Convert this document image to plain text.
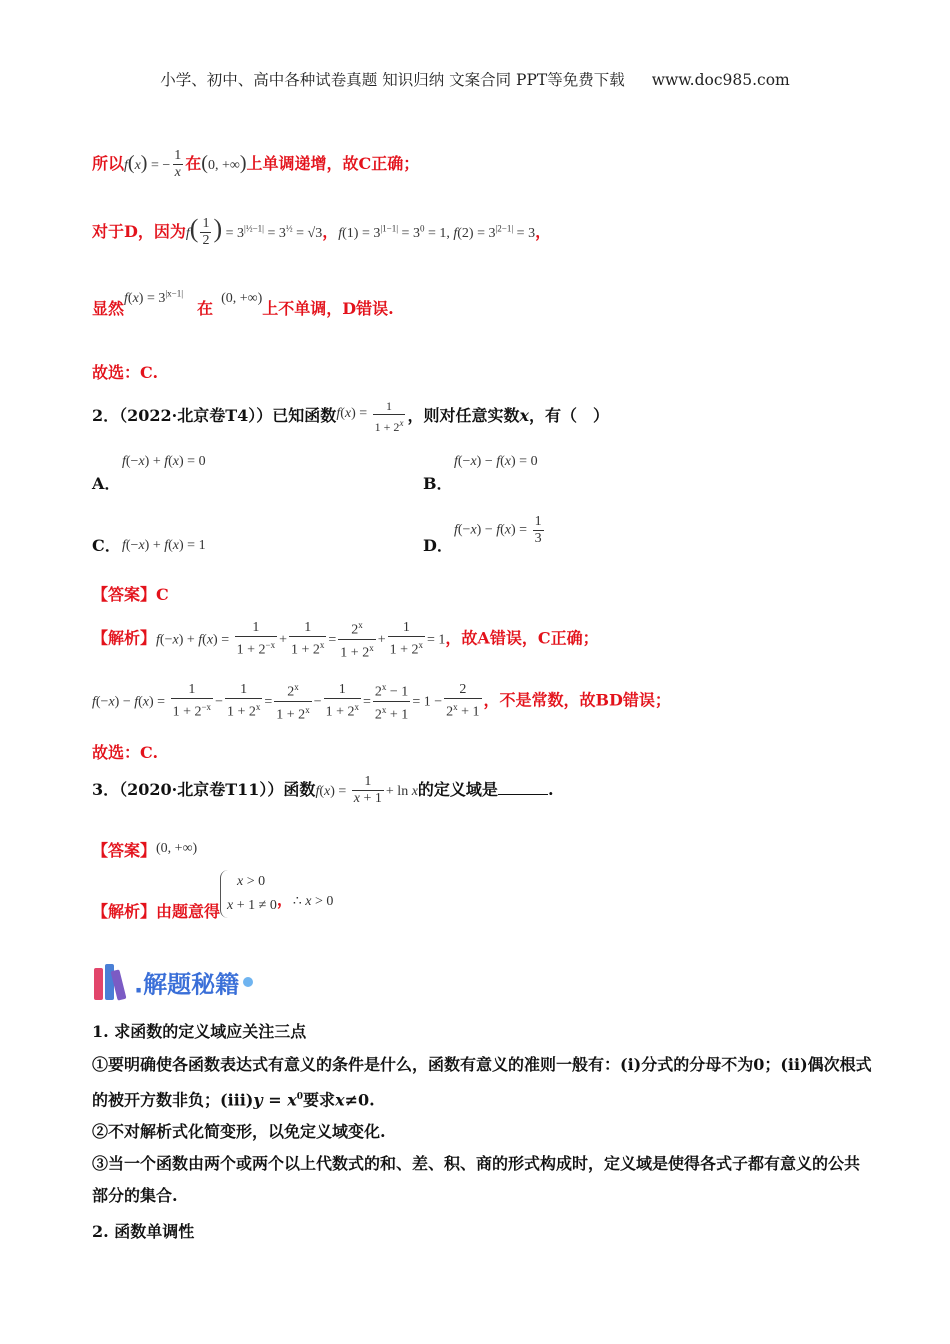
小学、初中、高中各种试卷真题 知识归纳 文案合同 PPT等免费下载 www.doc985.com
所以f(x) = − $\frac{1}{x}$ 在(0, +∞)上单调递增，故C正确；
对于D，因为$f( \frac{1}{2}$ ) = $3^{|\frac{1}{2}-1|} = 3^{\frac{1}{2}} = √3$，$f(1) = 3^{|1-1|} = 3^0 = 1$, $f(2) = 3^{|2-1|} = 3$，
显然$f(x) = 3^{|x-1|}$在(0, +∞)上不单调，D错误.
故选：C.
2．（2022·北京卷T4））已知函数$f(x) = \frac{1}{1 + 2^x}$ ，则对任意实数x，有（　）
f(−x) + f(x) = 0
A．
f(−x) − f(x) = 0
B．
C． f(−x) + f(x) = 1	D．
$f(-x) - f(x) = \frac{1}{3}$
【答案】C
【解析】$f(-x) + f(x) = \frac{1}{1 + 2^{-x}} + \frac{1}{1 + 2^x} = \frac{2^x}{1 + 2^x} + \frac{1}{1 + 2^x} = 1$，故A错误，C正确；
$f(-x) - f(x) = \frac{1}{1 + 2^{-x}} - \frac{1}{1 + 2^x} = \frac{2^x}{1 + 2^x} - \frac{1}{1 + 2^x} = \frac{2^x - 1}{2^x + 1} = 1 - \frac{2}{2^x + 1}$ ，不是常数，故BD错误；
故选：C.
3．（2020·北京卷T11））函数$f(x) = \frac{1}{x + 1} + \ln x$的定义域是	.
【答案】(0, +∞)
【解析】由题意得
x > 0
x + 1 ≠ 0 ，∴ x > 0
.解题秘籍
1. 求函数的定义域应关注三点
①要明确使各函数表达式有意义的条件是什么，函数有意义的准则一般有：(ⅰ)分式的分母不为0；(ⅱ)偶次根式的被开方数非负；(ⅲ)y = $x^0$要求x≠0.
②不对解析式化简变形，以免定义域变化.
③当一个函数由两个或两个以上代数式的和、差、积、商的形式构成时，定义域是使得各式子都有意义的公共部分的集合.
2. 函数单调性
